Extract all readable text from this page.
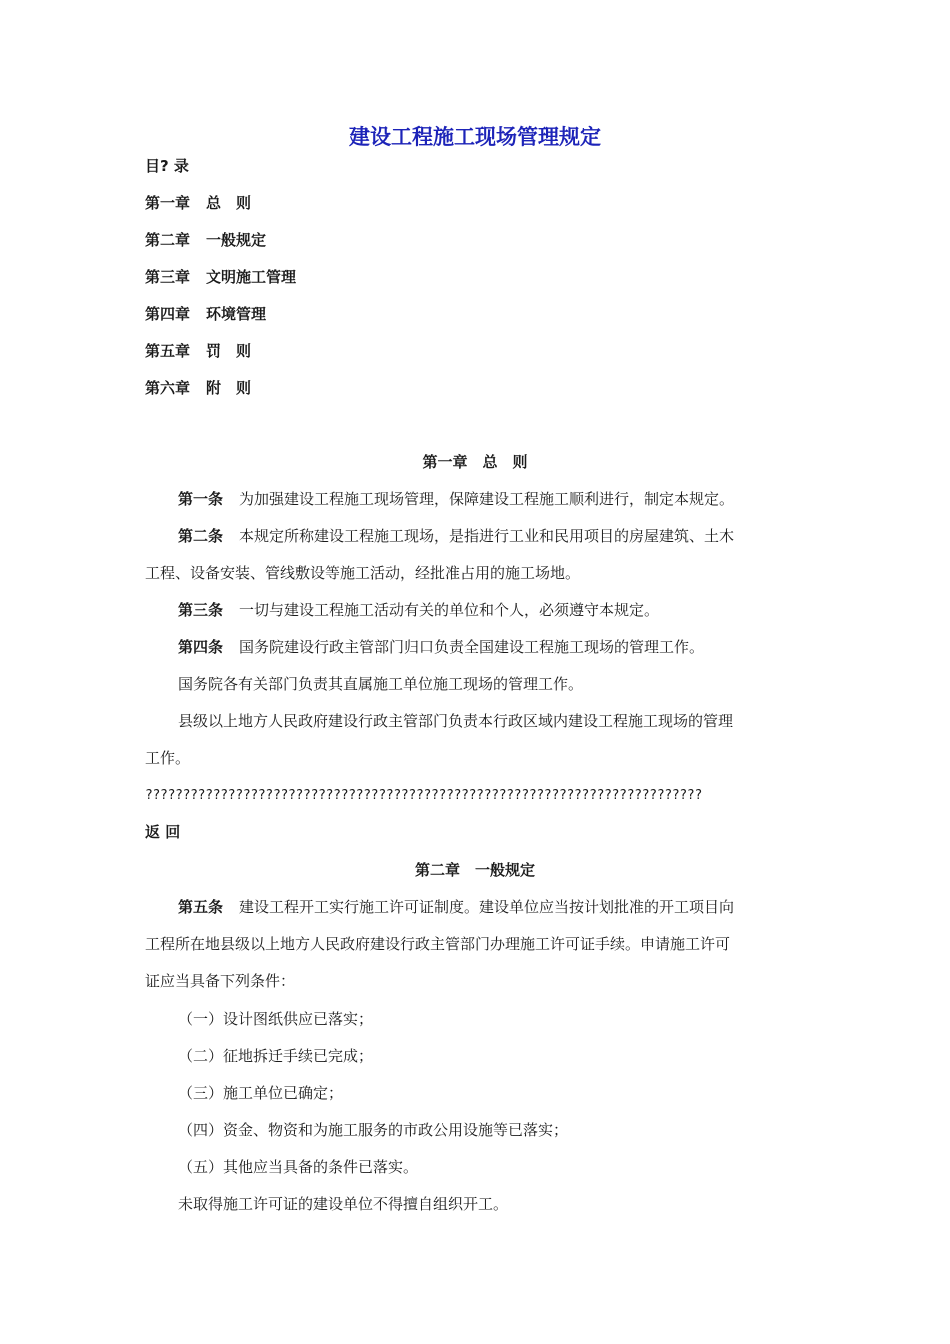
建设工程施工现场管理规定
目? 录
第一章 总　则
第二章 一般规定
第三章 文明施工管理
第四章 环境管理
第五章 罚　则
第六章 附　则
第一章　总　则
第一条 为加强建设工程施工现场管理，保障建设工程施工顺利进行，制定本规定。
第二条 本规定所称建设工程施工现场，是指进行工业和民用项目的房屋建筑、土木
工程、设备安装、管线敷设等施工活动，经批准占用的施工场地。
第三条 一切与建设工程施工活动有关的单位和个人，必须遵守本规定。
第四条 国务院建设行政主管部门归口负责全国建设工程施工现场的管理工作。
国务院各有关部门负责其直属施工单位施工现场的管理工作。
县级以上地方人民政府建设行政主管部门负责本行政区域内建设工程施工现场的管理
工作。
??????????????????????????????????????????????????????????????????????????
返 回
第二章　一般规定
第五条 建设工程开工实行施工许可证制度。建设单位应当按计划批准的开工项目向
工程所在地县级以上地方人民政府建设行政主管部门办理施工许可证手续。申请施工许可
证应当具备下列条件：
（一）设计图纸供应已落实；
（二）征地拆迁手续已完成；
（三）施工单位已确定；
（四）资金、物资和为施工服务的市政公用设施等已落实；
（五）其他应当具备的条件已落实。
未取得施工许可证的建设单位不得擅自组织开工。
